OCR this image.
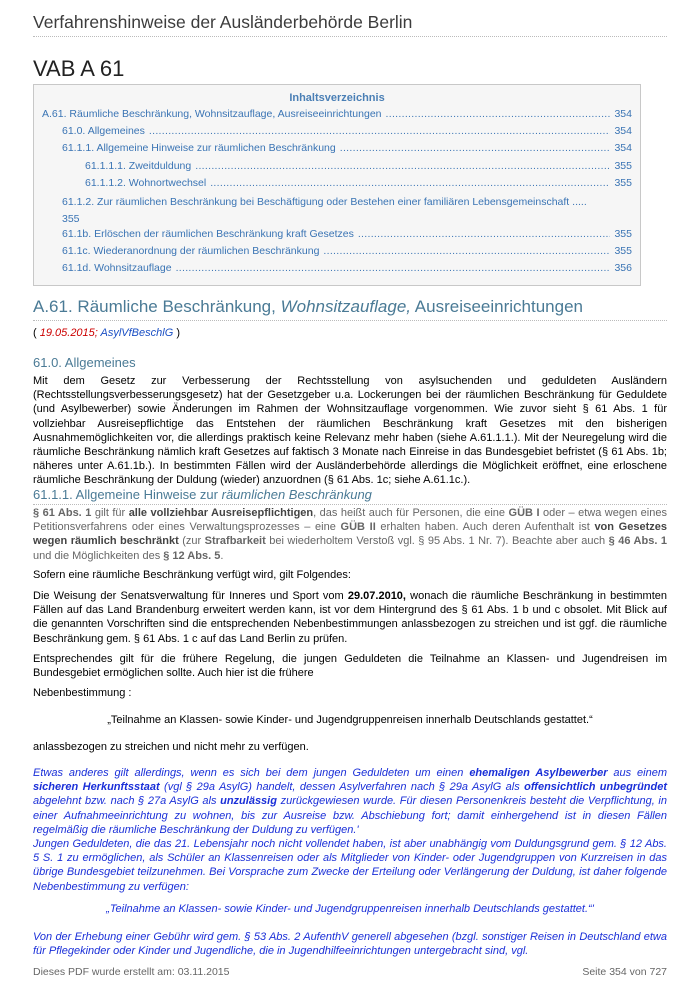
Verfahrenshinweise der Ausländerbehörde Berlin
VAB A 61
Inhaltsverzeichnis
A.61. Räumliche Beschränkung, Wohnsitzauflage, Ausreiseeinrichtungen .....	354
61.0. Allgemeines .....	354
61.1.1. Allgemeine Hinweise zur räumlichen Beschränkung .....	354
61.1.1.1. Zweitduldung .....	355
61.1.1.2. Wohnortwechsel .....	355
61.1.2. Zur räumlichen Beschränkung bei Beschäftigung oder Bestehen einer familiären Lebensgemeinschaft .....
355
61.1b. Erlöschen der räumlichen Beschränkung kraft Gesetzes .....	355
61.1c. Wiederanordnung der räumlichen Beschränkung .....	355
61.1d. Wohnsitzauflage .....	356
A.61. Räumliche Beschränkung, Wohnsitzauflage, Ausreiseeinrichtungen
( 19.05.2015; AsylVfBeschlG )
61.0. Allgemeines
Mit dem Gesetz zur Verbesserung der Rechtsstellung von asylsuchenden und geduldeten Ausländern (Rechtsstellungsverbesserungsgesetz) hat der Gesetzgeber u.a. Lockerungen bei der räumlichen Beschränkung für Geduldete (und Asylbewerber) sowie Änderungen im Rahmen der Wohnsitzauflage vorgenommen. Wie zuvor sieht § 61 Abs. 1 für vollziehbar Ausreisepflichtige das Entstehen der räumlichen Beschränkung kraft Gesetzes mit den bisherigen Ausnahmemöglichkeiten vor, die allerdings praktisch keine Relevanz mehr haben (siehe A.61.1.1.). Mit der Neuregelung wird die räumliche Beschränkung nämlich kraft Gesetzes auf faktisch 3 Monate nach Einreise in das Bundesgebiet befristet (§ 61 Abs. 1b; näheres unter A.61.1b.). In bestimmten Fällen wird der Ausländerbehörde allerdings die Möglichkeit eröffnet, eine erloschene räumliche Beschränkung der Duldung (wieder) anzuordnen (§ 61 Abs. 1c; siehe A.61.1c.).
61.1.1. Allgemeine Hinweise zur räumlichen Beschränkung
§ 61 Abs. 1 gilt für alle vollziehbar Ausreisepflichtigen, das heißt auch für Personen, die eine GÜB I oder – etwa wegen eines Petitionsverfahrens oder eines Verwaltungsprozesses – eine GÜB II erhalten haben. Auch deren Aufenthalt ist von Gesetzes wegen räumlich beschränkt (zur Strafbarkeit bei wiederholtem Verstoß vgl. § 95 Abs. 1 Nr. 7). Beachte aber auch § 46 Abs. 1 und die Möglichkeiten des § 12 Abs. 5.
Sofern eine räumliche Beschränkung verfügt wird, gilt Folgendes:
Die Weisung der Senatsverwaltung für Inneres und Sport vom 29.07.2010, wonach die räumliche Beschränkung in bestimmten Fällen auf das Land Brandenburg erweitert werden kann, ist vor dem Hintergrund des § 61 Abs. 1 b und c obsolet. Mit Blick auf die genannten Vorschriften sind die entsprechenden Nebenbestimmungen anlassbezogen zu streichen und ist ggf. die räumliche Beschränkung gem. § 61 Abs. 1 c auf das Land Berlin zu prüfen.
Entsprechendes gilt für die frühere Regelung, die jungen Geduldeten die Teilnahme an Klassen- und Jugendreisen im Bundesgebiet ermöglichen sollte. Auch hier ist die frühere
Nebenbestimmung :
„Teilnahme an Klassen- sowie Kinder- und Jugendgruppenreisen innerhalb Deutschlands gestattet.“
anlassbezogen zu streichen und nicht mehr zu verfügen.
Etwas anderes gilt allerdings, wenn es sich bei dem jungen Geduldeten um einen ehemaligen Asylbewerber aus einem sicheren Herkunftsstaat (vgl § 29a AsylG) handelt, dessen Asylverfahren nach § 29a AsylG als offensichtlich unbegründet abgelehnt bzw. nach § 27a AsylG als unzulässig zurückgewiesen wurde. Für diesen Personenkreis besteht die Verpflichtung, in einer Aufnahmeeinrichtung zu wohnen, bis zur Ausreise bzw. Abschiebung fort; damit einhergehend ist in diesen Fällen regelmäßig die räumliche Beschränkung der Duldung zu verfügen.'
Jungen Geduldeten, die das 21. Lebensjahr noch nicht vollendet haben, ist aber unabhängig vom Duldungsgrund gem. § 12 Abs. 5 S. 1 zu ermöglichen, als Schüler an Klassenreisen oder als Mitglieder von Kinder- oder Jugendgruppen von Kurzreisen in das übrige Bundesgebiet teilzunehmen. Bei Vorsprache zum Zwecke der Erteilung oder Verlängerung der Duldung, ist daher folgende Nebenbestimmung zu verfügen:
„Teilnahme an Klassen- sowie Kinder- und Jugendgruppenreisen innerhalb Deutschlands gestattet.“'
Von der Erhebung einer Gebühr wird gem. § 53 Abs. 2 AufenthV generell abgesehen (bzgl. sonstiger Reisen in Deutschland etwa für Pflegekinder oder Kinder und Jugendliche, die in Jugendhilfeeinrichtungen untergebracht sind, vgl.
Dieses PDF wurde erstellt am: 03.11.2015	Seite 354 von 727
